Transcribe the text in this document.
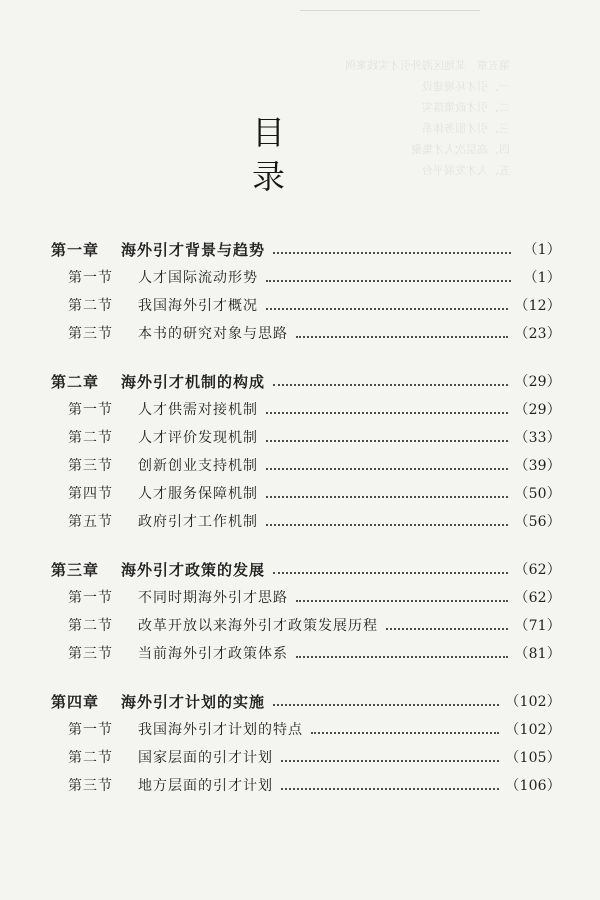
第五章　某地区海外引才实践案例
一、引才环境建设
二、引才政策落实
三、引才服务体系
四、高层次人才集聚
五、人才发展平台
目　录
第一章	海外引才背景与趋势	（1）
第一节	人才国际流动形势	（1）
第二节	我国海外引才概况	（12）
第三节	本书的研究对象与思路	（23）
第二章	海外引才机制的构成	（29）
第一节	人才供需对接机制	（29）
第二节	人才评价发现机制	（33）
第三节	创新创业支持机制	（39）
第四节	人才服务保障机制	（50）
第五节	政府引才工作机制	（56）
第三章	海外引才政策的发展	（62）
第一节	不同时期海外引才思路	（62）
第二节	改革开放以来海外引才政策发展历程	（71）
第三节	当前海外引才政策体系	（81）
第四章	海外引才计划的实施	（102）
第一节	我国海外引才计划的特点	（102）
第二节	国家层面的引才计划	（105）
第三节	地方层面的引才计划	（106）
